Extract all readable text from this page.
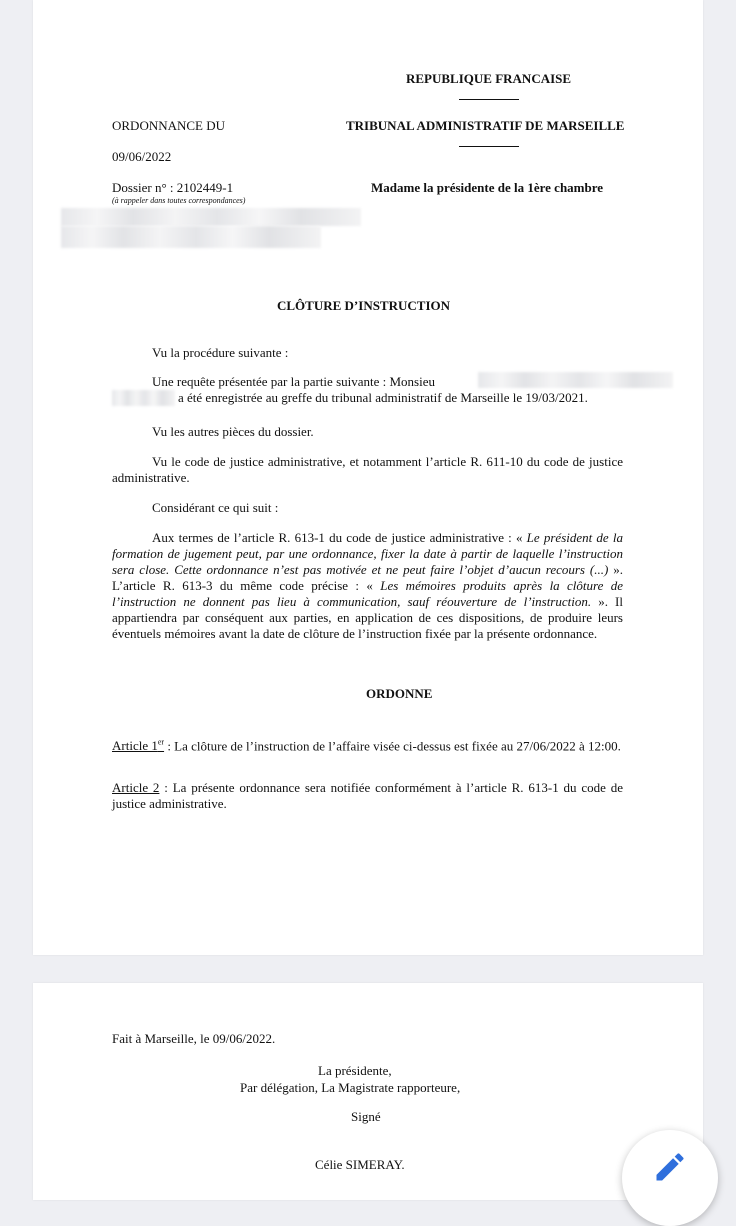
REPUBLIQUE FRANCAISE
ORDONNANCE DU	TRIBUNAL ADMINISTRATIF DE MARSEILLE
09/06/2022
Dossier n° : 2102449-1	Madame la présidente de la 1ère chambre
(à rappeler dans toutes correspondances)
CLÔTURE D’INSTRUCTION
Vu la procédure suivante :
Une requête présentée par la partie suivante : Monsieu
a été enregistrée au greffe du tribunal administratif de Marseille le 19/03/2021.
Vu les autres pièces du dossier.
Vu le code de justice administrative, et notamment l’article R. 611-10 du code de justice administrative.
Considérant ce qui suit :
Aux termes de l’article R. 613-1 du code de justice administrative : « Le président de la formation de jugement peut, par une ordonnance, fixer la date à partir de laquelle l’instruction sera close. Cette ordonnance n’est pas motivée et ne peut faire l’objet d’aucun recours (...) ». L’article R. 613-3 du même code précise : « Les mémoires produits après la clôture de l’instruction ne donnent pas lieu à communication, sauf réouverture de l’instruction. ». Il appartiendra par conséquent aux parties, en application de ces dispositions, de produire leurs éventuels mémoires avant la date de clôture de l’instruction fixée par la présente ordonnance.
ORDONNE
Article 1er : La clôture de l’instruction de l’affaire visée ci-dessus est fixée au 27/06/2022 à 12:00.
Article 2 : La présente ordonnance sera notifiée conformément à l’article R. 613-1 du code de justice administrative.
Fait à Marseille, le 09/06/2022.
La présidente,
Par délégation, La Magistrate rapporteure,
Signé
Célie SIMERAY.
